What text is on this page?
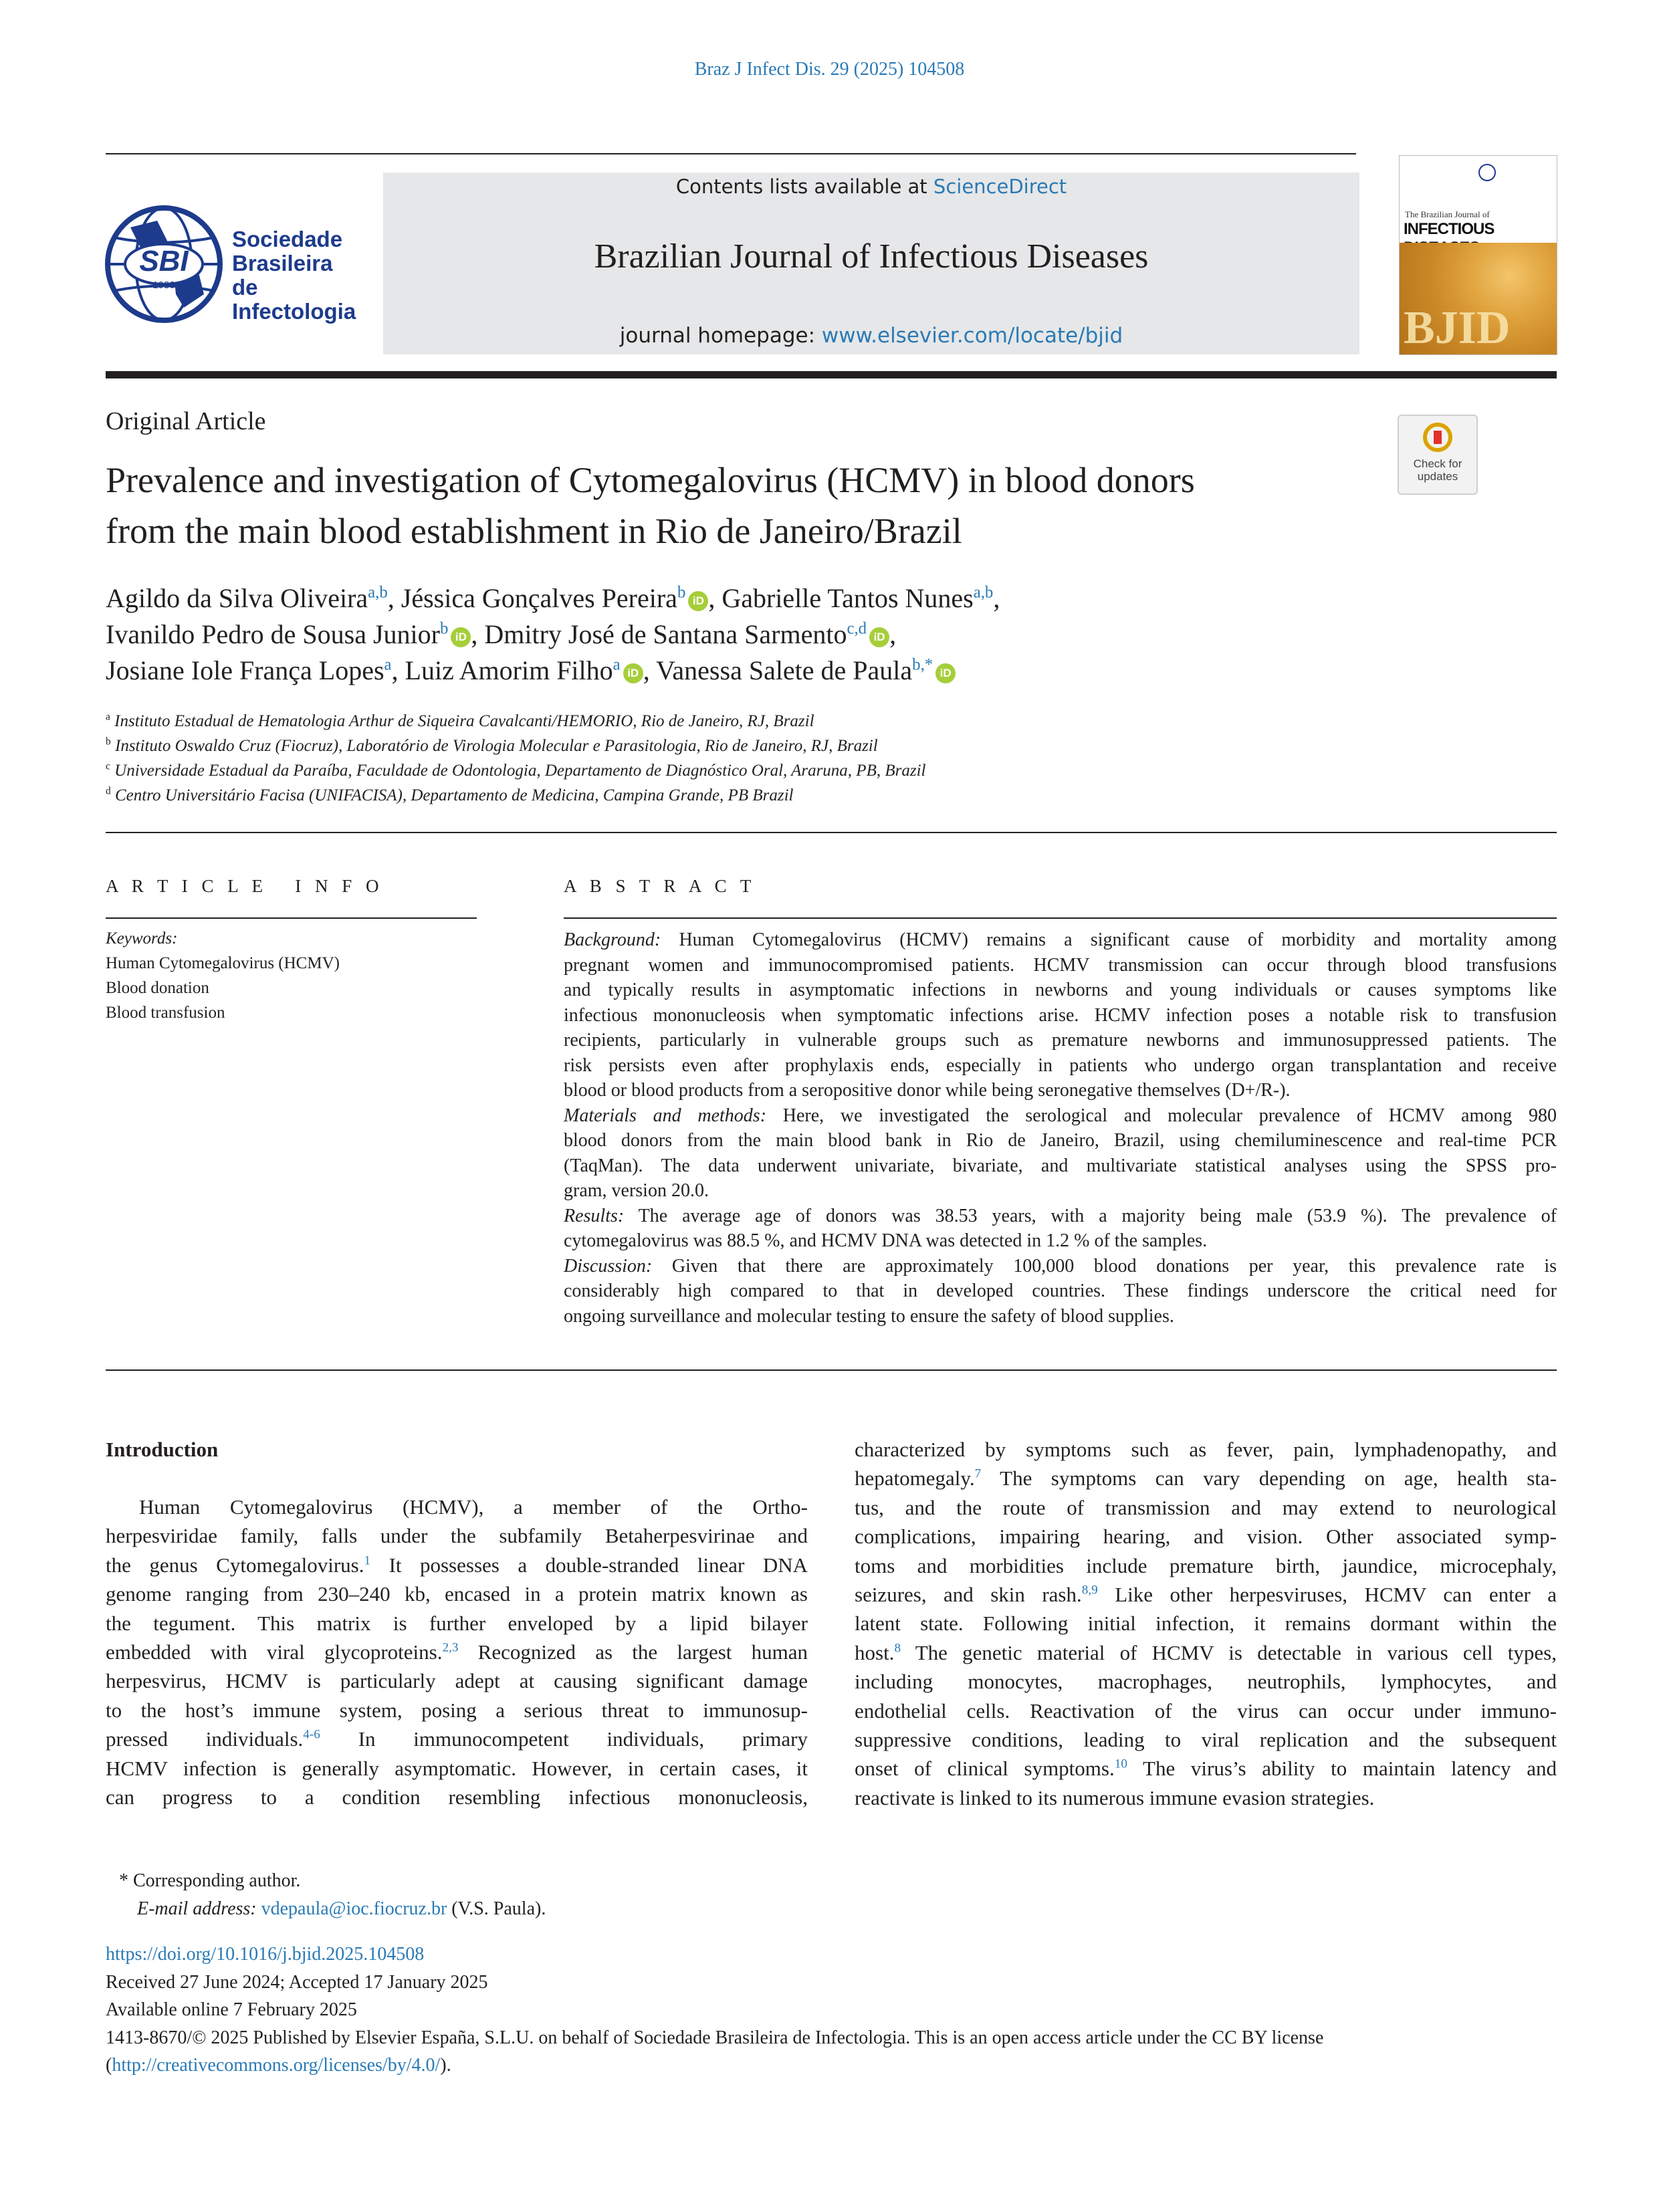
Braz J Infect Dis. 29 (2025) 104508
SBI
1980
Sociedade
Brasileira de
Infectologia
Contents lists available at ScienceDirect
Brazilian Journal of Infectious Diseases
journal homepage: www.elsevier.com/locate/bjid
The Brazilian Journal of
INFECTIOUS
BJID
Original Article
Check for
updates
Prevalence and investigation of Cytomegalovirus (HCMV) in blood donors
from the main blood establishment in Rio de Janeiro/Brazil
Agildo da Silva Oliveira$^{a,b}$, Jéssica Gonçalves Pereira$^b$ iD , Gabrielle Tantos Nunes$^{a,b}$,
Ivanildo Pedro de Sousa Junior$^b$ iD , Dmitry José de Santana Sarmento$^{c,d}$ iD ,
Josiane Iole França Lopes$^a$, Luiz Amorim Filho$^a$ iD , Vanessa Salete de Paula$^{b,*}$ iD
$^a$ Instituto Estadual de Hematologia Arthur de Siqueira Cavalcanti/HEMORIO, Rio de Janeiro, RJ, Brazil
$^b$ Instituto Oswaldo Cruz (Fiocruz), Laboratório de Virologia Molecular e Parasitologia, Rio de Janeiro, RJ, Brazil
$^c$ Universidade Estadual da Paraíba, Faculdade de Odontologia, Departamento de Diagnóstico Oral, Araruna, PB, Brazil
$^d$ Centro Universitário Facisa (UNIFACISA), Departamento de Medicina, Campina Grande, PB Brazil
A R T I C L E   I N F O
Keywords:
Human Cytomegalovirus (HCMV)
Blood donation
Blood transfusion
A B S T R A C T
Background: Human Cytomegalovirus (HCMV) remains a significant cause of morbidity and mortality among
pregnant women and immunocompromised patients. HCMV transmission can occur through blood transfusions
and typically results in asymptomatic infections in newborns and young individuals or causes symptoms like
infectious mononucleosis when symptomatic infections arise. HCMV infection poses a notable risk to transfusion
recipients, particularly in vulnerable groups such as premature newborns and immunosuppressed patients. The
risk persists even after prophylaxis ends, especially in patients who undergo organ transplantation and receive
blood or blood products from a seropositive donor while being seronegative themselves (D+/R-).
Materials and methods: Here, we investigated the serological and molecular prevalence of HCMV among 980
blood donors from the main blood bank in Rio de Janeiro, Brazil, using chemiluminescence and real-time PCR
(TaqMan). The data underwent univariate, bivariate, and multivariate statistical analyses using the SPSS pro-
gram, version 20.0.
Results: The average age of donors was 38.53 years, with a majority being male (53.9 %). The prevalence of
cytomegalovirus was 88.5 %, and HCMV DNA was detected in 1.2 % of the samples.
Discussion: Given that there are approximately 100,000 blood donations per year, this prevalence rate is
considerably high compared to that in developed countries. These findings underscore the critical need for
ongoing surveillance and molecular testing to ensure the safety of blood supplies.
Introduction
Human Cytomegalovirus (HCMV), a member of the Ortho-
herpesviridae family, falls under the subfamily Betaherpesvirinae and
the genus Cytomegalovirus.$^1$ It possesses a double-stranded linear DNA
genome ranging from 230–240 kb, encased in a protein matrix known as
the tegument. This matrix is further enveloped by a lipid bilayer
embedded with viral glycoproteins.$^{2,3}$ Recognized as the largest human
herpesvirus, HCMV is particularly adept at causing significant damage
to the host’s immune system, posing a serious threat to immunosup-
pressed individuals.$^{4-6}$ In immunocompetent individuals, primary
HCMV infection is generally asymptomatic. However, in certain cases, it
can progress to a condition resembling infectious mononucleosis,
characterized by symptoms such as fever, pain, lymphadenopathy, and
hepatomegaly.$^7$ The symptoms can vary depending on age, health sta-
tus, and the route of transmission and may extend to neurological
complications, impairing hearing, and vision. Other associated symp-
toms and morbidities include premature birth, jaundice, microcephaly,
seizures, and skin rash.$^{8,9}$ Like other herpesviruses, HCMV can enter a
latent state. Following initial infection, it remains dormant within the
host.$^8$ The genetic material of HCMV is detectable in various cell types,
including monocytes, macrophages, neutrophils, lymphocytes, and
endothelial cells. Reactivation of the virus can occur under immuno-
suppressive conditions, leading to viral replication and the subsequent
onset of clinical symptoms.$^{10}$ The virus’s ability to maintain latency and
reactivate is linked to its numerous immune evasion strategies.
* Corresponding author.
E-mail address: vdepaula@ioc.fiocruz.br (V.S. Paula).
https://doi.org/10.1016/j.bjid.2025.104508
Received 27 June 2024; Accepted 17 January 2025
Available online 7 February 2025
1413-8670/© 2025 Published by Elsevier España, S.L.U. on behalf of Sociedade Brasileira de Infectologia. This is an open access article under the CC BY license
(http://creativecommons.org/licenses/by/4.0/).
